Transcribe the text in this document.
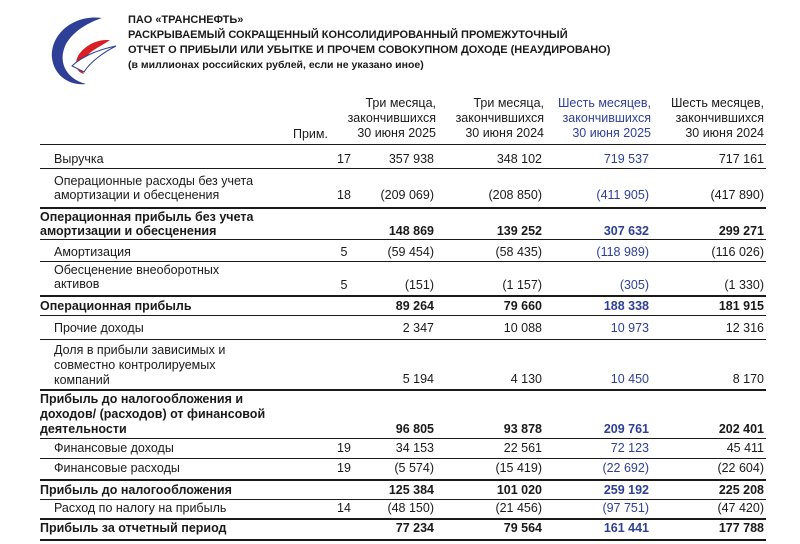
ПАО «ТРАНСНЕФТЬ»
РАСКРЫВАЕМЫЙ СОКРАЩЕННЫЙ КОНСОЛИДИРОВАННЫЙ ПРОМЕЖУТОЧНЫЙ
ОТЧЕТ О ПРИБЫЛИ ИЛИ УБЫТКЕ И ПРОЧЕМ СОВОКУПНОМ ДОХОДЕ (НЕАУДИРОВАНО)
(в миллионах российских рублей, если не указано иное)
Прим.
Три месяца,
закончившихся
30 июня 2025
Три месяца,
закончившихся
30 июня 2024
Шесть месяцев,
закончившихся
30 июня 2025
Шесть месяцев,
закончившихся
30 июня 2024
Выручка	17	357 938	348 102	719 537	717 161
Операционные расходы без учета
амортизации и обесценения	18	(209 069)	(208 850)	(411 905)	(417 890)
Операционная прибыль без учета
амортизации и обесценения	148 869	139 252	307 632	299 271
Амортизация	5	(59 454)	(58 435)	(118 989)	(116 026)
Обесценение внеоборотных
активов	5	(151)	(1 157)	(305)	(1 330)
Операционная прибыль	89 264	79 660	188 338	181 915
Прочие доходы	2 347	10 088	10 973	12 316
Доля в прибыли зависимых и
совместно контролируемых
компаний	5 194	4 130	10 450	8 170
Прибыль до налогообложения и
доходов/ (расходов) от финансовой
деятельности	96 805	93 878	209 761	202 401
Финансовые доходы	19	34 153	22 561	72 123	45 411
Финансовые расходы	19	(5 574)	(15 419)	(22 692)	(22 604)
Прибыль до налогообложения	125 384	101 020	259 192	225 208
Расход по налогу на прибыль	14	(48 150)	(21 456)	(97 751)	(47 420)
Прибыль за отчетный период	77 234	79 564	161 441	177 788
